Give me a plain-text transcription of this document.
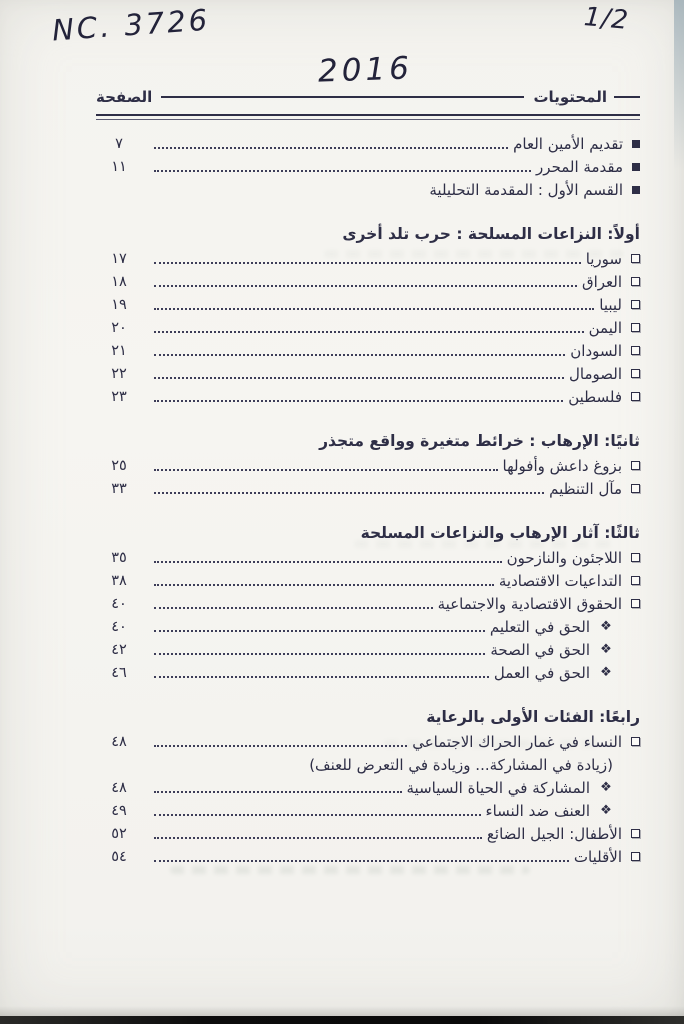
NC. 3726	1/2
2016
المحتويات
الصفحة
تقديم الأمين العام
٧
مقدمة المحرر
١١
القسم الأول : المقدمة التحليلية
أولاً: النزاعات المسلحة : حرب تلد أخرى
سوريا
١٧
العراق
١٨
ليبيا
١٩
اليمن
٢٠
السودان
٢١
الصومال
٢٢
فلسطين
٢٣
ثانيًا: الإرهاب : خرائط متغيرة وواقع متجذر
بزوغ داعش وأفولها
٢٥
مآل التنظيم
٣٣
ثالثًا: آثار الإرهاب والنزاعات المسلحة
اللاجئون والنازحون
٣٥
التداعيات الاقتصادية
٣٨
الحقوق الاقتصادية والاجتماعية
٤٠
❖
الحق في التعليم
٤٠
❖
الحق في الصحة
٤٢
❖
الحق في العمل
٤٦
رابعًا: الفئات الأولى بالرعاية
النساء في غمار الحراك الاجتماعي
٤٨
(زيادة في المشاركة... وزيادة في التعرض للعنف)
❖
المشاركة في الحياة السياسية
٤٨
❖
العنف ضد النساء
٤٩
الأطفال: الجيل الضائع
٥٢
الأقليات
٥٤
